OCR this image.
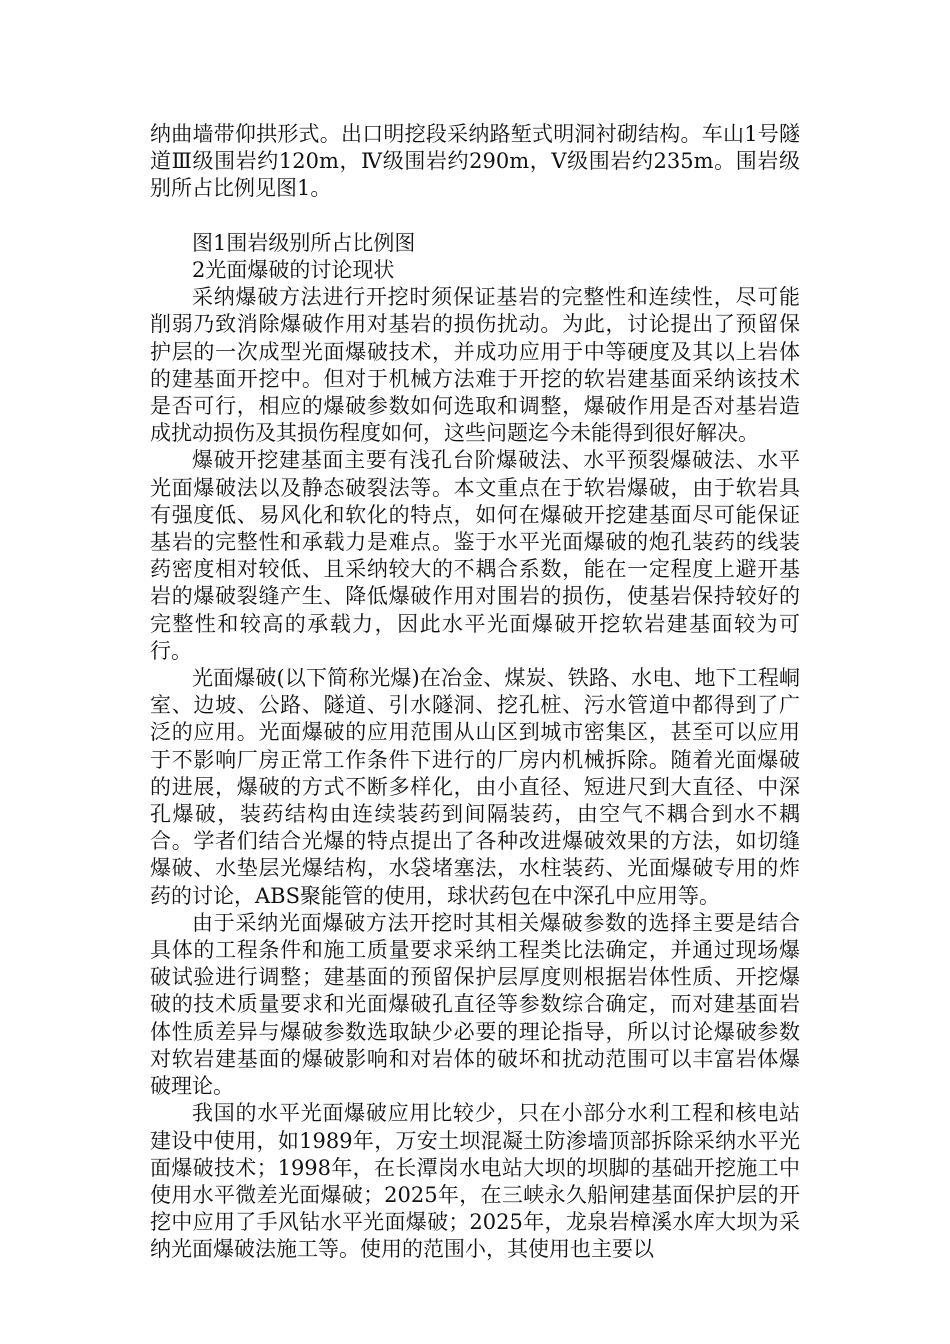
纳曲墙带仰拱形式。出口明挖段采纳路堑式明洞衬砌结构。车山1号隧道Ⅲ级围岩约120m，Ⅳ级围岩约290m，Ⅴ级围岩约235m。围岩级别所占比例见图1。

图1围岩级别所占比例图

2光面爆破的讨论现状

采纳爆破方法进行开挖时须保证基岩的完整性和连续性，尽可能削弱乃致消除爆破作用对基岩的损伤扰动。为此，讨论提出了预留保护层的一次成型光面爆破技术，并成功应用于中等硬度及其以上岩体的建基面开挖中。但对于机械方法难于开挖的软岩建基面采纳该技术是否可行，相应的爆破参数如何选取和调整，爆破作用是否对基岩造成扰动损伤及其损伤程度如何，这些问题迄今未能得到很好解决。

爆破开挖建基面主要有浅孔台阶爆破法、水平预裂爆破法、水平光面爆破法以及静态破裂法等。本文重点在于软岩爆破，由于软岩具有强度低、易风化和软化的特点，如何在爆破开挖建基面尽可能保证基岩的完整性和承载力是难点。鉴于水平光面爆破的炮孔装药的线装药密度相对较低、且采纳较大的不耦合系数，能在一定程度上避开基岩的爆破裂缝产生、降低爆破作用对围岩的损伤，使基岩保持较好的完整性和较高的承载力，因此水平光面爆破开挖软岩建基面较为可行。

光面爆破(以下简称光爆)在冶金、煤炭、铁路、水电、地下工程峒室、边坡、公路、隧道、引水隧洞、挖孔桩、污水管道中都得到了广泛的应用。光面爆破的应用范围从山区到城市密集区，甚至可以应用于不影响厂房正常工作条件下进行的厂房内机械拆除。随着光面爆破的进展，爆破的方式不断多样化，由小直径、短进尺到大直径、中深孔爆破，装药结构由连续装药到间隔装药，由空气不耦合到水不耦合。学者们结合光爆的特点提出了各种改进爆破效果的方法，如切缝爆破、水垫层光爆结构，水袋堵塞法，水柱装药、光面爆破专用的炸药的讨论，ABS聚能管的使用，球状药包在中深孔中应用等。

由于采纳光面爆破方法开挖时其相关爆破参数的选择主要是结合具体的工程条件和施工质量要求采纳工程类比法确定，并通过现场爆破试验进行调整；建基面的预留保护层厚度则根据岩体性质、开挖爆破的技术质量要求和光面爆破孔直径等参数综合确定，而对建基面岩体性质差异与爆破参数选取缺少必要的理论指导，所以讨论爆破参数对软岩建基面的爆破影响和对岩体的破坏和扰动范围可以丰富岩体爆破理论。

我国的水平光面爆破应用比较少，只在小部分水利工程和核电站建设中使用，如1989年，万安土坝混凝土防渗墙顶部拆除采纳水平光面爆破技术；1998年，在长潭岗水电站大坝的坝脚的基础开挖施工中使用水平微差光面爆破；2025年，在三峡永久船闸建基面保护层的开挖中应用了手风钻水平光面爆破；2025年，龙泉岩樟溪水库大坝为采纳光面爆破法施工等。使用的范围小，其使用也主要以
